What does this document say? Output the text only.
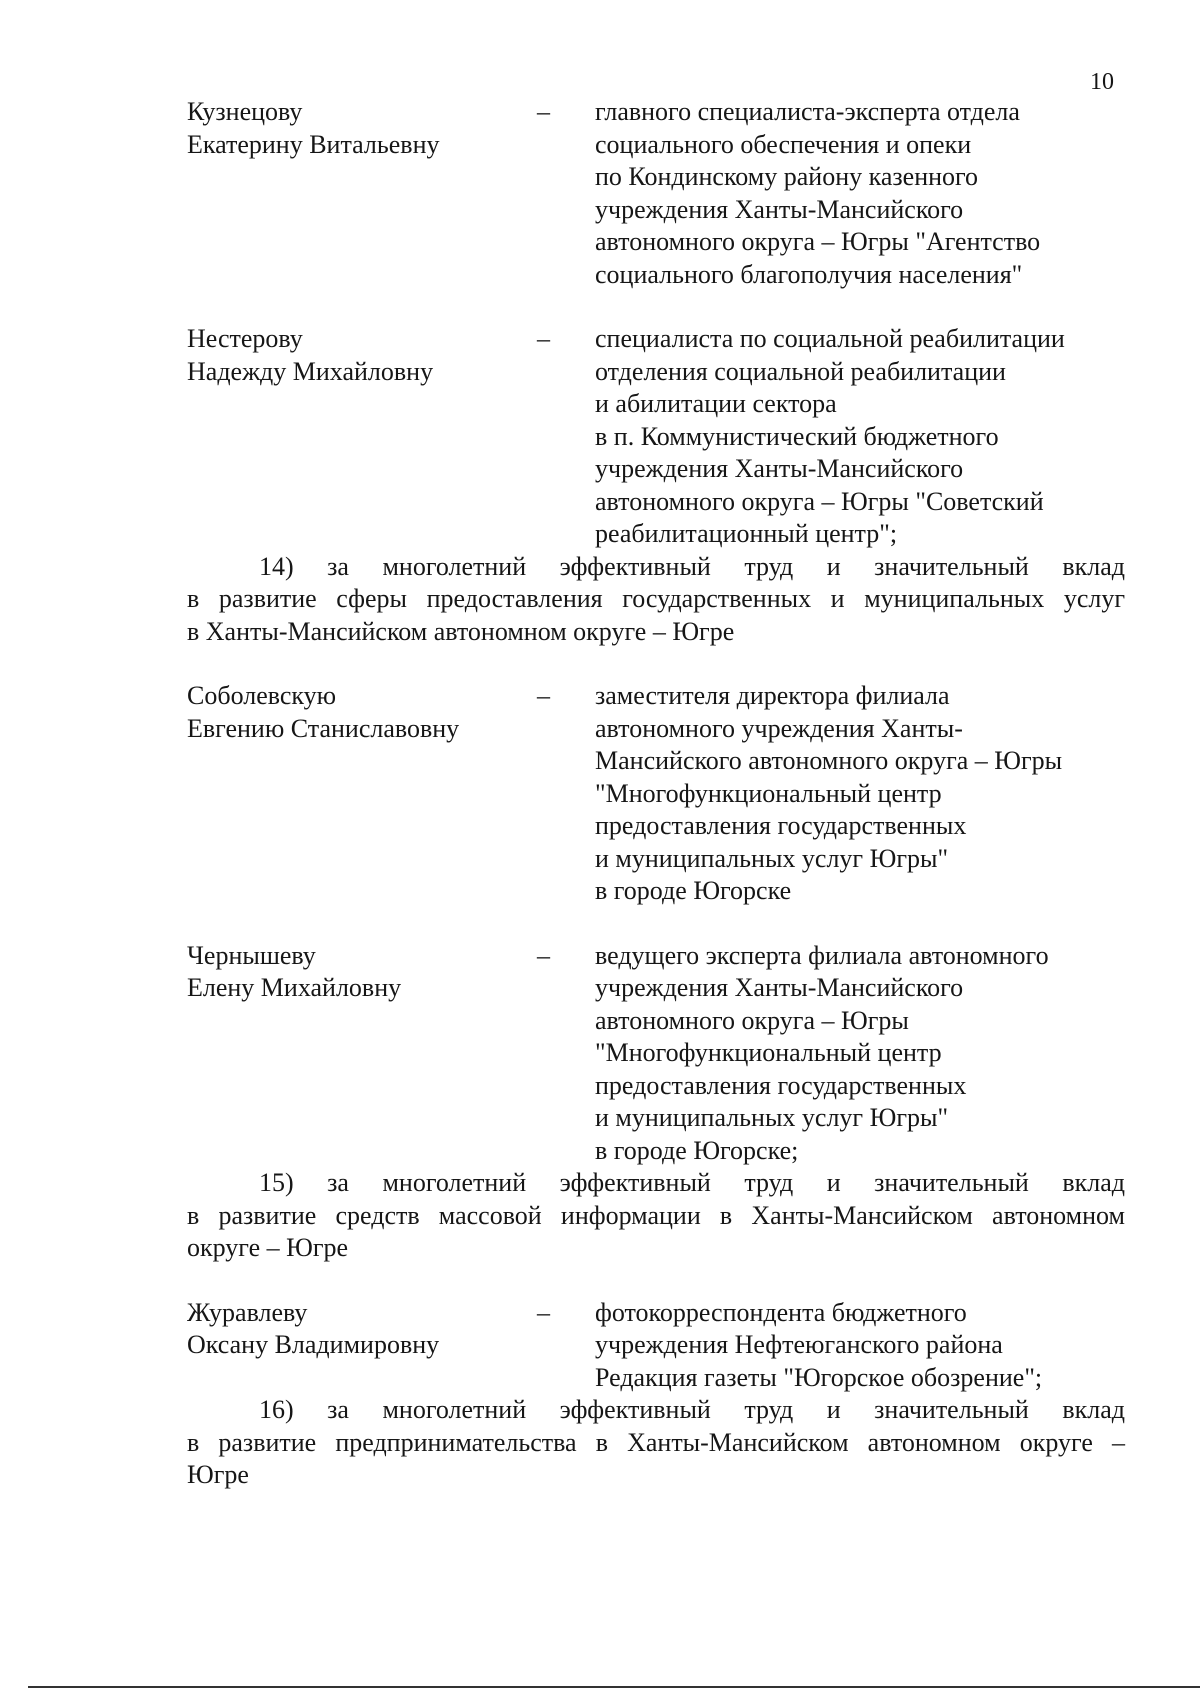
10
Кузнецову
Екатерину Витальевну
–	главного специалиста-эксперта отдела
социального обеспечения и опеки
по Кондинскому району казенного
учреждения Ханты-Мансийского
автономного округа – Югры "Агентство
социального благополучия населения"
Нестерову
Надежду Михайловну
–	специалиста по социальной реабилитации
отделения социальной реабилитации
и абилитации сектора
в п. Коммунистический бюджетного
учреждения Ханты-Мансийского
автономного округа – Югры "Советский
реабилитационный центр";
14) за многолетний эффективный труд и значительный вклад
в развитие сферы предоставления государственных и муниципальных услуг
в Ханты-Мансийском автономном округе – Югре
Соболевскую
Евгению Станиславовну
–	заместителя директора филиала
автономного учреждения Ханты-
Мансийского автономного округа – Югры
"Многофункциональный центр
предоставления государственных
и муниципальных услуг Югры"
в городе Югорске
Чернышеву
Елену Михайловну
–	ведущего эксперта филиала автономного
учреждения Ханты-Мансийского
автономного округа – Югры
"Многофункциональный центр
предоставления государственных
и муниципальных услуг Югры"
в городе Югорске;
15) за многолетний эффективный труд и значительный вклад
в развитие средств массовой информации в Ханты-Мансийском автономном
округе – Югре
Журавлеву
Оксану Владимировну
–	фотокорреспондента бюджетного
учреждения Нефтеюганского района
Редакция газеты "Югорское обозрение";
16) за многолетний эффективный труд и значительный вклад
в развитие предпринимательства в Ханты-Мансийском автономном округе –
Югре
